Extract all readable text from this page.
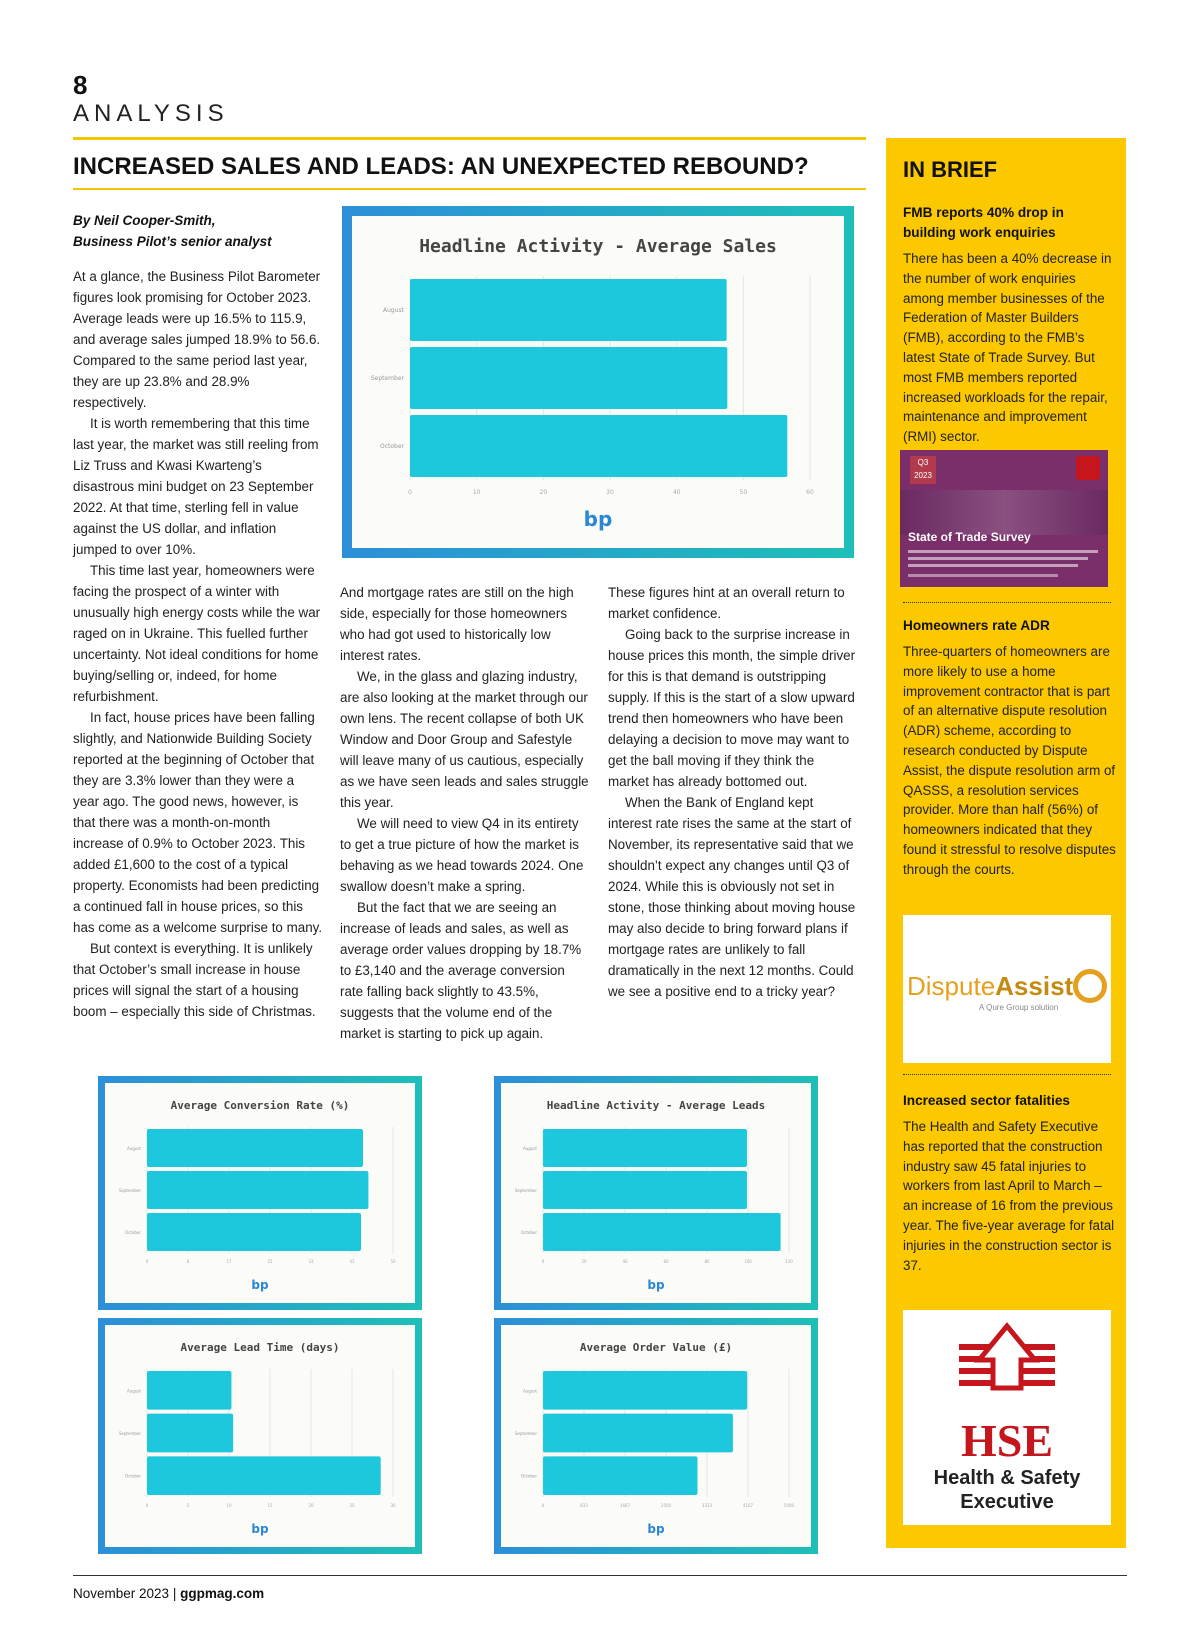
8
ANALYSIS
INCREASED SALES AND LEADS: AN UNEXPECTED REBOUND?
By Neil Cooper-Smith,
Business Pilot’s senior analyst

At a glance, the Business Pilot Barometer figures look promising for October 2023. Average leads were up 16.5% to 115.9, and average sales jumped 18.9% to 56.6. Compared to the same period last year, they are up 23.8% and 28.9% respectively.

It is worth remembering that this time last year, the market was still reeling from Liz Truss and Kwasi Kwarteng’s disastrous mini budget on 23 September 2022. At that time, sterling fell in value against the US dollar, and inflation jumped to over 10%.

This time last year, homeowners were facing the prospect of a winter with unusually high energy costs while the war raged on in Ukraine. This fuelled further uncertainty. Not ideal conditions for home buying/selling or, indeed, for home refurbishment.

In fact, house prices have been falling slightly, and Nationwide Building Society reported at the beginning of October that they are 3.3% lower than they were a year ago. The good news, however, is that there was a month-on-month increase of 0.9% to October 2023. This added £1,600 to the cost of a typical property. Economists had been predicting a continued fall in house prices, so this has come as a welcome surprise to many.

But context is everything. It is unlikely that October’s small increase in house prices will signal the start of a housing boom – especially this side of Christmas.

And mortgage rates are still on the high side, especially for those homeowners who had got used to historically low interest rates.

We, in the glass and glazing industry, are also looking at the market through our own lens. The recent collapse of both UK Window and Door Group and Safestyle will leave many of us cautious, especially as we have seen leads and sales struggle this year.

We will need to view Q4 in its entirety to get a true picture of how the market is behaving as we head towards 2024. One swallow doesn’t make a spring.

But the fact that we are seeing an increase of leads and sales, as well as average order values dropping by 18.7% to £3,140 and the average conversion rate falling back slightly to 43.5%, suggests that the volume end of the market is starting to pick up again.

These figures hint at an overall return to market confidence.

Going back to the surprise increase in house prices this month, the simple driver for this is that demand is outstripping supply. If this is the start of a slow upward trend then homeowners who have been delaying a decision to move may want to get the ball moving if they think the market has already bottomed out.

When the Bank of England kept interest rate rises the same at the start of November, its representative said that we shouldn’t expect any changes until Q3 of 2024. While this is obviously not set in stone, those thinking about moving house may also decide to bring forward plans if mortgage rates are unlikely to fall dramatically in the next 12 months. Could we see a positive end to a tricky year?

Headline Activity - Average Sales
0	10	20	30	40	50	60
August
September
October
bp
Average Conversion Rate (%)
0	8	17	25	33	42	50
August
September
October
bp
Headline Activity - Average Leads
0	20	40	60	80	100	120
August
September
October
bp
Average Lead Time (days)
0	5	10	15	20	25	30
August
September
October
bp
Average Order Value (£)
0	833	1667	2500	3333	4167	5000
August
September
October
bp
IN BRIEF
FMB reports 40% drop in building work enquiries
There has been a 40% decrease in the number of work enquiries among member businesses of the Federation of Master Builders (FMB), according to the FMB’s latest State of Trade Survey. But most FMB members reported increased workloads for the repair, maintenance and improvement (RMI) sector.
Q3
2023
State of Trade Survey
Homeowners rate ADR
Three-quarters of homeowners are more likely to use a home improvement contractor that is part of an alternative dispute resolution (ADR) scheme, according to research conducted by Dispute Assist, the dispute resolution arm of QASSS, a resolution services provider. More than half (56%) of homeowners indicated that they found it stressful to resolve disputes through the courts.
DisputeAssist
A Qure Group solution
Increased sector fatalities
The Health and Safety Executive has reported that the construction industry saw 45 fatal injuries to workers from last April to March – an increase of 16 from the previous year. The five-year average for fatal injuries in the construction sector is 37.
HSE
Health & Safety
Executive
November 2023 | ggpmag.com
